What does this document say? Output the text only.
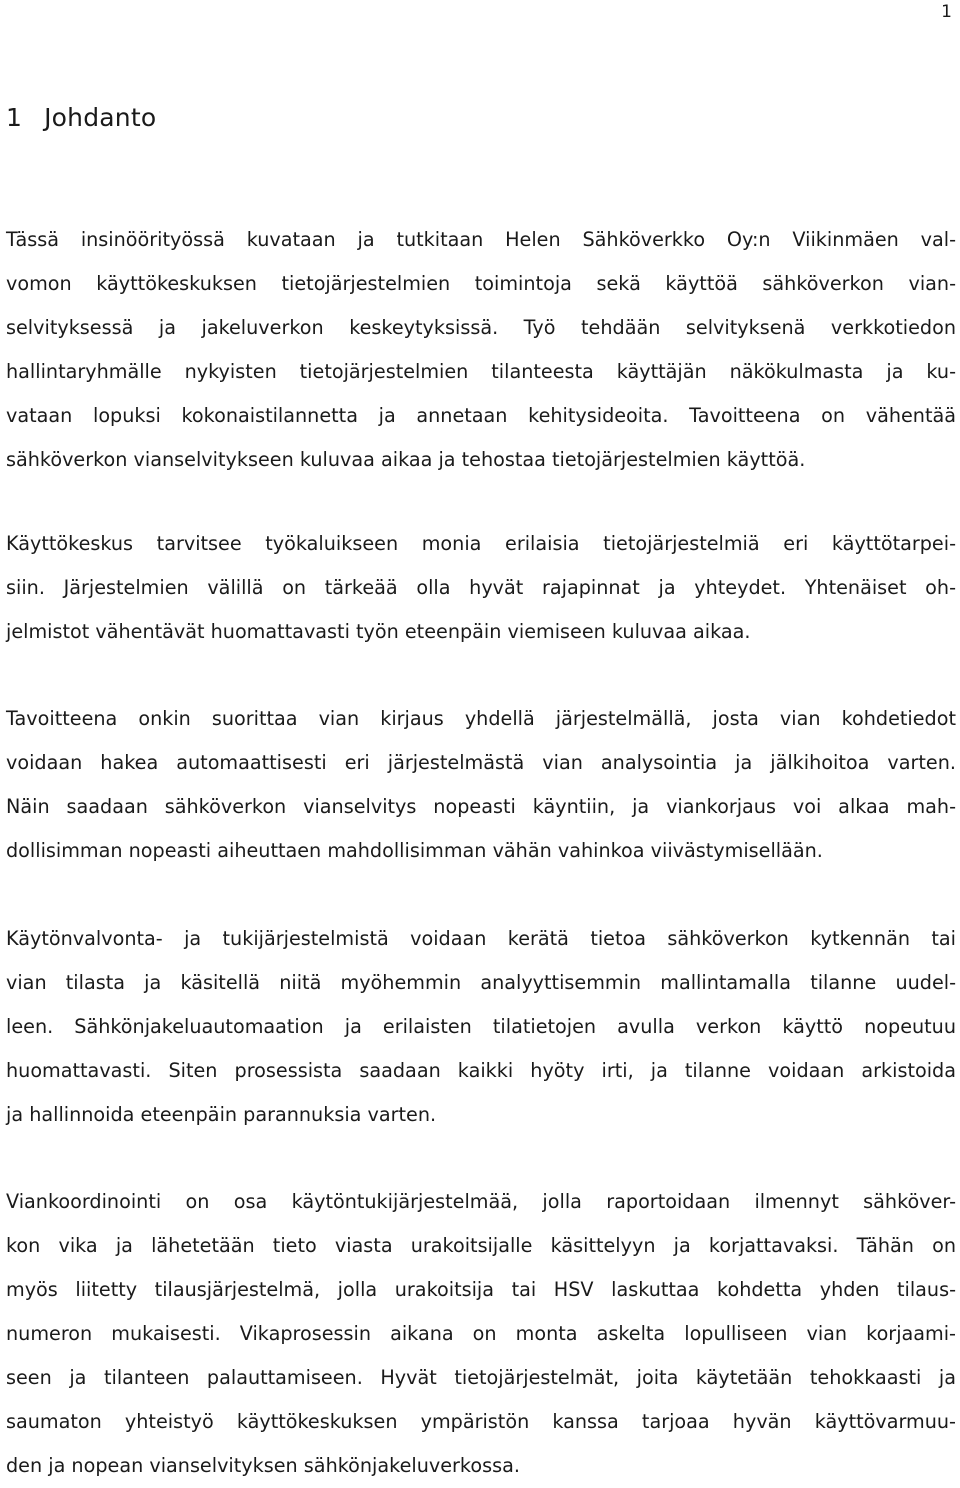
1
1 Johdanto
Tässä insinöörityössä kuvataan ja tutkitaan Helen Sähköverkko Oy:n Viikinmäen val-
vomon käyttökeskuksen tietojärjestelmien toimintoja sekä käyttöä sähköverkon vian-
selvityksessä ja jakeluverkon keskeytyksissä. Työ tehdään selvityksenä verkkotiedon
hallintaryhmälle nykyisten tietojärjestelmien tilanteesta käyttäjän näkökulmasta ja ku-
vataan lopuksi kokonaistilannetta ja annetaan kehitysideoita. Tavoitteena on vähentää
sähköverkon vianselvitykseen kuluvaa aikaa ja tehostaa tietojärjestelmien käyttöä.
Käyttökeskus tarvitsee työkaluikseen monia erilaisia tietojärjestelmiä eri käyttötarpei-
siin. Järjestelmien välillä on tärkeää olla hyvät rajapinnat ja yhteydet. Yhtenäiset oh-
jelmistot vähentävät huomattavasti työn eteenpäin viemiseen kuluvaa aikaa.
Tavoitteena onkin suorittaa vian kirjaus yhdellä järjestelmällä, josta vian kohdetiedot
voidaan hakea automaattisesti eri järjestelmästä vian analysointia ja jälkihoitoa varten.
Näin saadaan sähköverkon vianselvitys nopeasti käyntiin, ja viankorjaus voi alkaa mah-
dollisimman nopeasti aiheuttaen mahdollisimman vähän vahinkoa viivästymisellään.
Käytönvalvonta- ja tukijärjestelmistä voidaan kerätä tietoa sähköverkon kytkennän tai
vian tilasta ja käsitellä niitä myöhemmin analyyttisemmin mallintamalla tilanne uudel-
leen. Sähkönjakeluautomaation ja erilaisten tilatietojen avulla verkon käyttö nopeutuu
huomattavasti. Siten prosessista saadaan kaikki hyöty irti, ja tilanne voidaan arkistoida
ja hallinnoida eteenpäin parannuksia varten.
Viankoordinointi on osa käytöntukijärjestelmää, jolla raportoidaan ilmennyt sähköver-
kon vika ja lähetetään tieto viasta urakoitsijalle käsittelyyn ja korjattavaksi. Tähän on
myös liitetty tilausjärjestelmä, jolla urakoitsija tai HSV laskuttaa kohdetta yhden tilaus-
numeron mukaisesti. Vikaprosessin aikana on monta askelta lopulliseen vian korjaami-
seen ja tilanteen palauttamiseen. Hyvät tietojärjestelmät, joita käytetään tehokkaasti ja
saumaton yhteistyö käyttökeskuksen ympäristön kanssa tarjoaa hyvän käyttövarmuu-
den ja nopean vianselvityksen sähkönjakeluverkossa.
